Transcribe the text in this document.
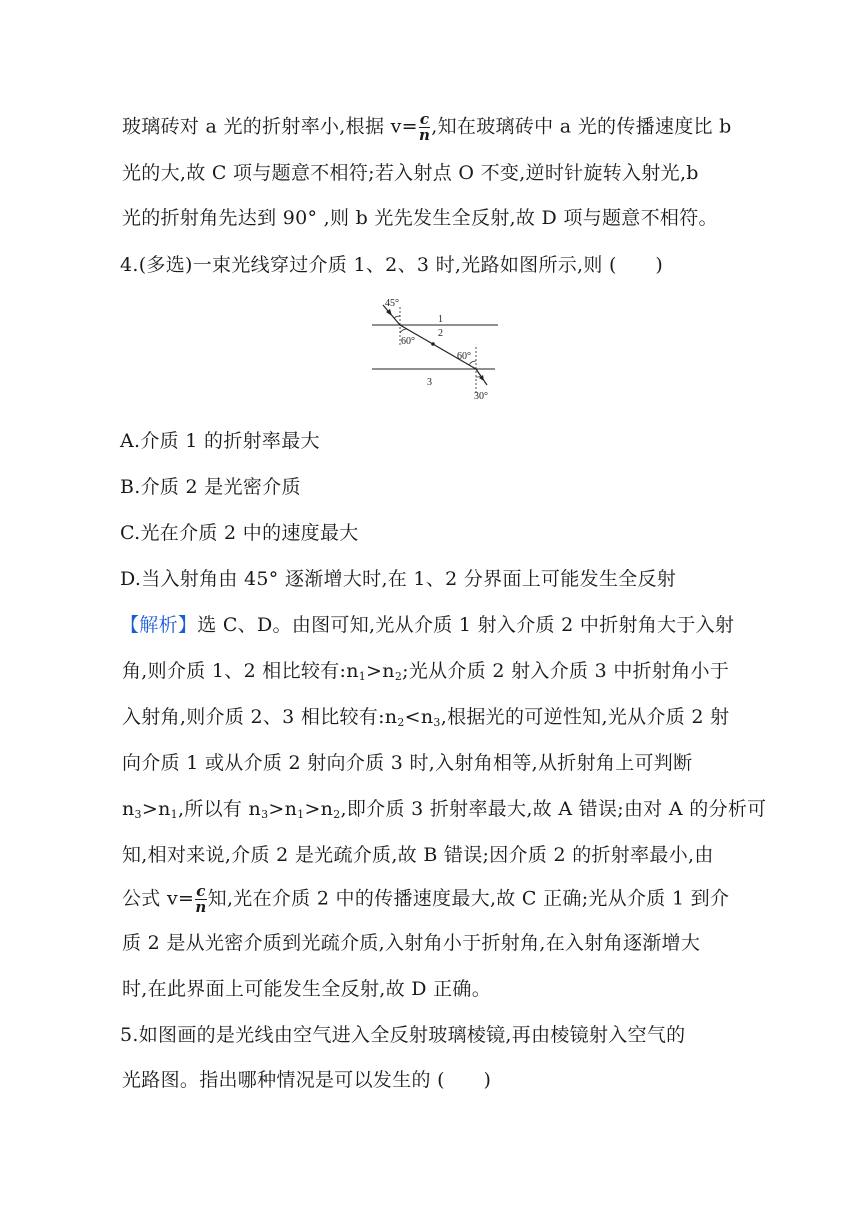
玻璃砖对 a 光的折射率小,根据 $v= \frac{c}{n}$ ,知在玻璃砖中 a 光的传播速度比 b
光的大,故 C 项与题意不相符;若入射点 O 不变,逆时针旋转入射光,b
光的折射角先达到 90° ,则 b 光先发生全反射,故 D 项与题意不相符。
4.(多选)一束光线穿过介质 1、2、3 时,光路如图所示,则 (　　)
45°
1
2
60°
60°
3
30°
A.介质 1 的折射率最大
B.介质 2 是光密介质
C.光在介质 2 中的速度最大
D.当入射角由 45° 逐渐增大时,在 1、2 分界面上可能发生全反射
【解析】选 C、D。由图可知,光从介质 1 射入介质 2 中折射角大于入射
角,则介质 1、2 相比较有$:n_1>n_2$;光从介质 2 射入介质 3 中折射角小于
入射角,则介质 2、3 相比较有$:n_2<n_3$,根据光的可逆性知,光从介质 2 射
向介质 1 或从介质 2 射向介质 3 时,入射角相等,从折射角上可判断
$n_3>n_1$,所以有 $n_3>n_1>n_2$,即介质 3 折射率最大,故 A 错误;由对 A 的分析可
知,相对来说,介质 2 是光疏介质,故 B 错误;因介质 2 的折射率最小,由
公式 $v= \frac{c}{n}$ 知,光在介质 2 中的传播速度最大,故 C 正确;光从介质 1 到介
质 2 是从光密介质到光疏介质,入射角小于折射角,在入射角逐渐增大
时,在此界面上可能发生全反射,故 D 正确。
5.如图画的是光线由空气进入全反射玻璃棱镜,再由棱镜射入空气的
光路图。指出哪种情况是可以发生的 (　　)
